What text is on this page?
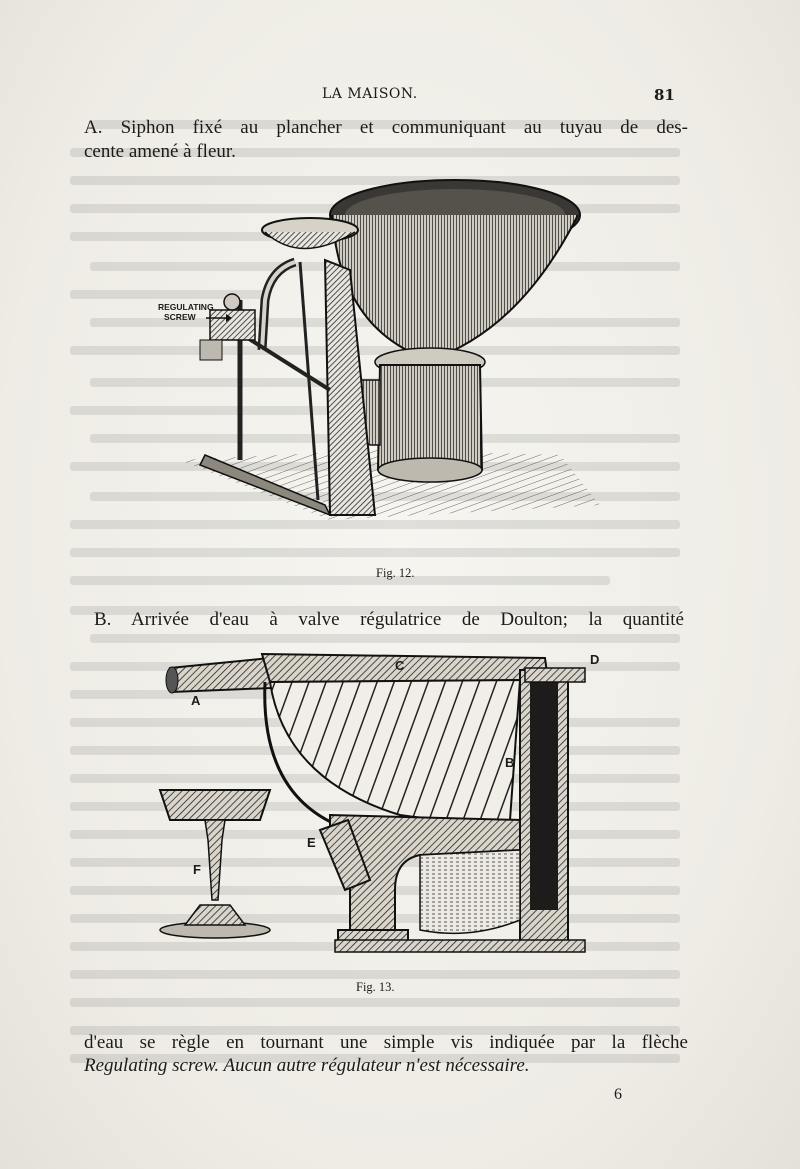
LA MAISON.	81
A. Siphon fixé au plancher et communiquant au tuyau de des-
cente amené à fleur.
REGULATING
SCREW
Fig. 12.
B. Arrivée d'eau à valve régulatrice de Doulton; la quantité
A
B
C	D
E
F
Fig. 13.
d'eau se règle en tournant une simple vis indiquée par la flèche
Regulating screw. Aucun autre régulateur n'est nécessaire.
6
